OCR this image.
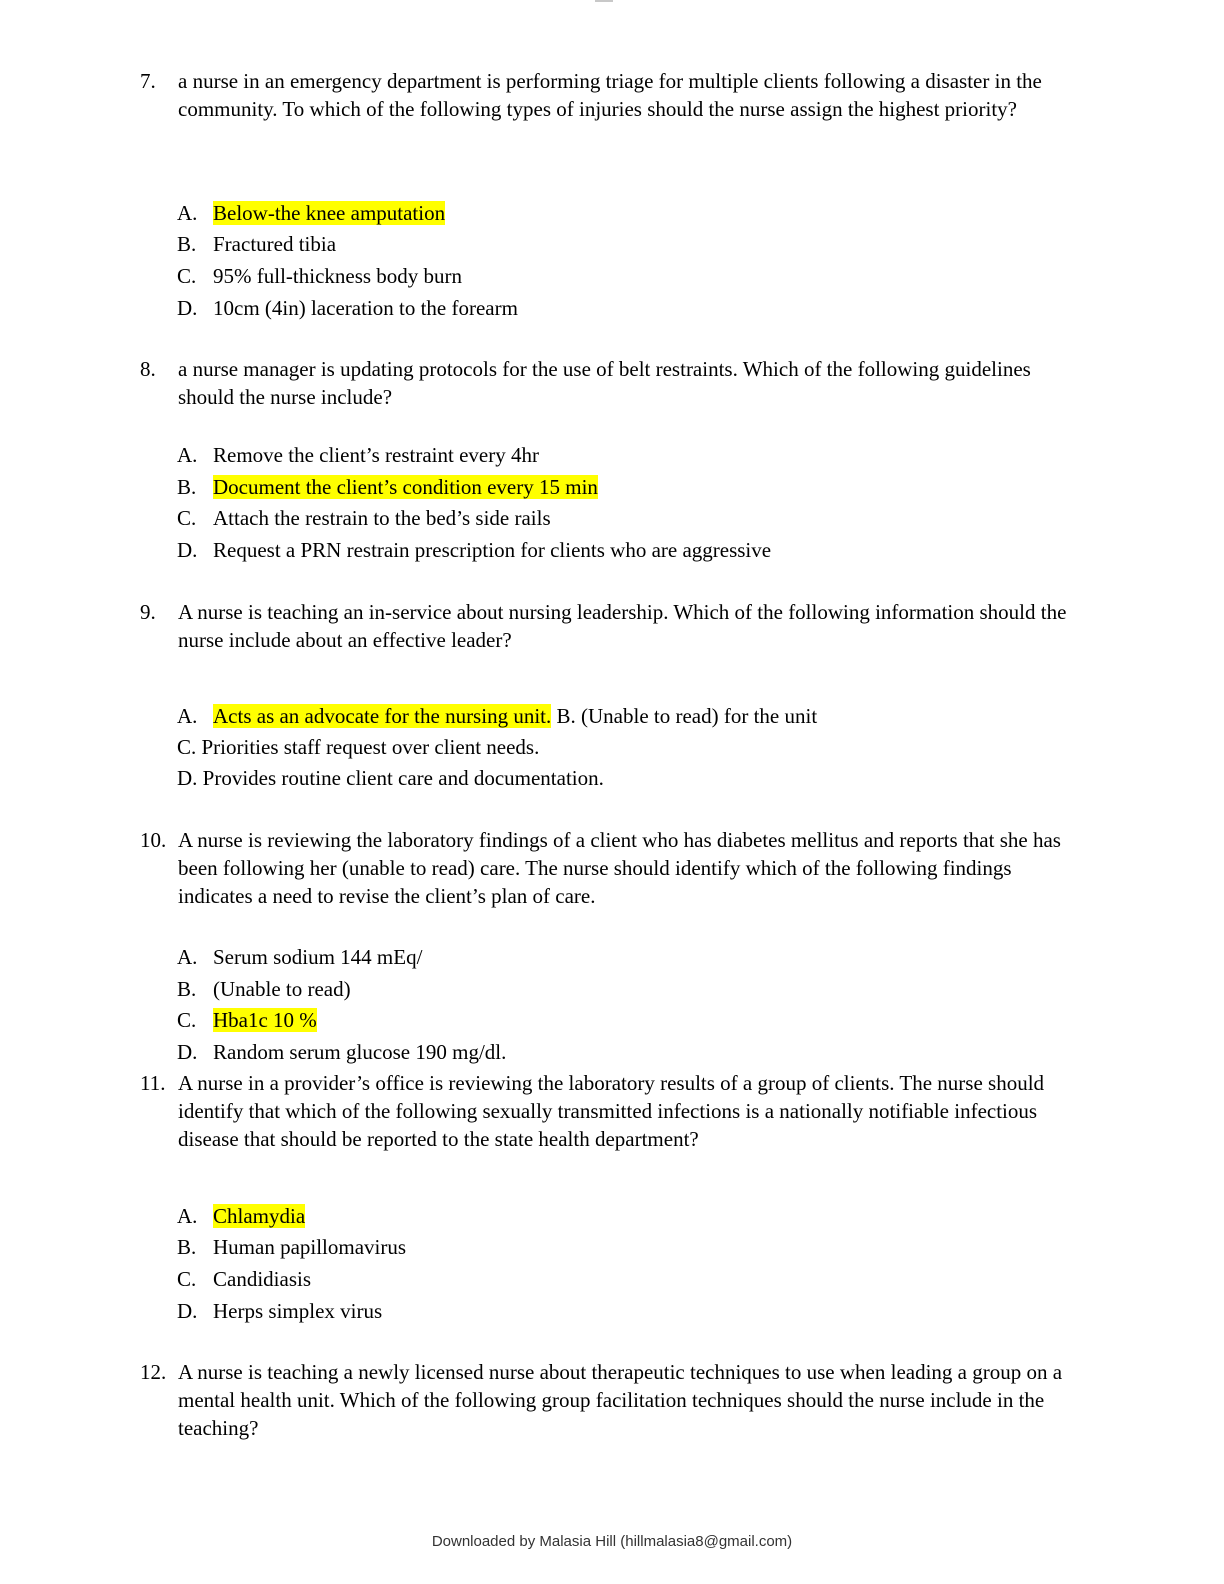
7. a nurse in an emergency department is performing triage for multiple clients following a disaster in the community. To which of the following types of injuries should the nurse assign the highest priority?
A. Below-the knee amputation
B. Fractured tibia
C. 95% full-thickness body burn
D. 10cm (4in) laceration to the forearm
8. a nurse manager is updating protocols for the use of belt restraints. Which of the following guidelines should the nurse include?
A. Remove the client’s restraint every 4hr
B. Document the client’s condition every 15 min
C. Attach the restrain to the bed’s side rails
D. Request a PRN restrain prescription for clients who are aggressive
9. A nurse is teaching an in-service about nursing leadership. Which of the following information should the nurse include about an effective leader?
A. Acts as an advocate for the nursing unit. B. (Unable to read) for the unit
C. Priorities staff request over client needs.
D. Provides routine client care and documentation.
10. A nurse is reviewing the laboratory findings of a client who has diabetes mellitus and reports that she has been following her (unable to read) care. The nurse should identify which of the following findings indicates a need to revise the client’s plan of care.
A. Serum sodium 144 mEq/
B. (Unable to read)
C. Hba1c 10 %
D. Random serum glucose 190 mg/dl.
11. A nurse in a provider’s office is reviewing the laboratory results of a group of clients. The nurse should identify that which of the following sexually transmitted infections is a nationally notifiable infectious disease that should be reported to the state health department?
A. Chlamydia
B. Human papillomavirus
C. Candidiasis
D. Herps simplex virus
12. A nurse is teaching a newly licensed nurse about therapeutic techniques to use when leading a group on a mental health unit. Which of the following group facilitation techniques should the nurse include in the teaching?
Downloaded by Malasia Hill (hillmalasia8@gmail.com)
